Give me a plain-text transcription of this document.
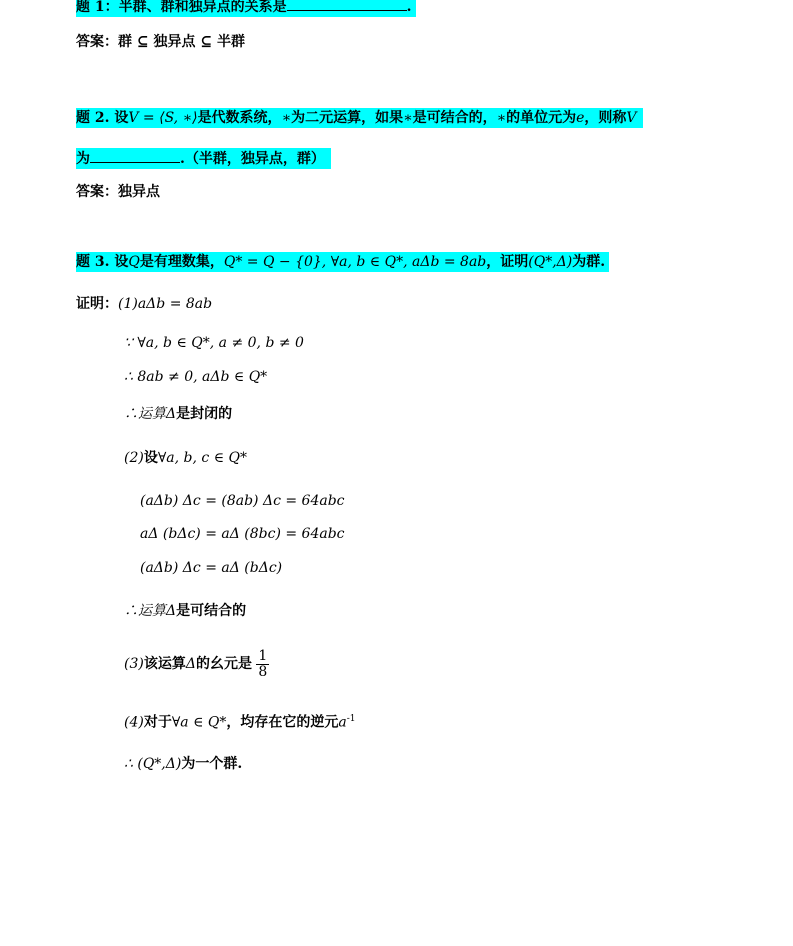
题 1：半群、群和独异点的关系是	.
答案：群 ⊆ 独异点 ⊆ 半群
题 2. 设V = ⟨S, ∗⟩是代数系统，∗为二元运算，如果∗是可结合的，∗的单位元为e，则称V
为	.（半群，独异点，群）
答案：独异点
题 3. 设Q是有理数集，Q* = Q − {0}, ∀a, b ∈ Q*, aΔb = 8ab，证明(Q*,Δ)为群.
证明：(1)aΔb = 8ab
∵ ∀a, b ∈ Q*, a ≠ 0, b ≠ 0
∴ 8ab ≠ 0, aΔb ∈ Q*
∴运算Δ是封闭的
(2)设∀a, b, c ∈ Q*
(aΔb) Δc = (8ab) Δc = 64abc
aΔ (bΔc) = aΔ (8bc) = 64abc
(aΔb) Δc = aΔ (bΔc)
∴运算Δ是可结合的
(3)该运算Δ的幺元是 $\frac{1}{8}$
(4)对于∀a ∈ Q*，均存在它的逆元$a^{-1}$
∴ (Q*,Δ)为一个群.
